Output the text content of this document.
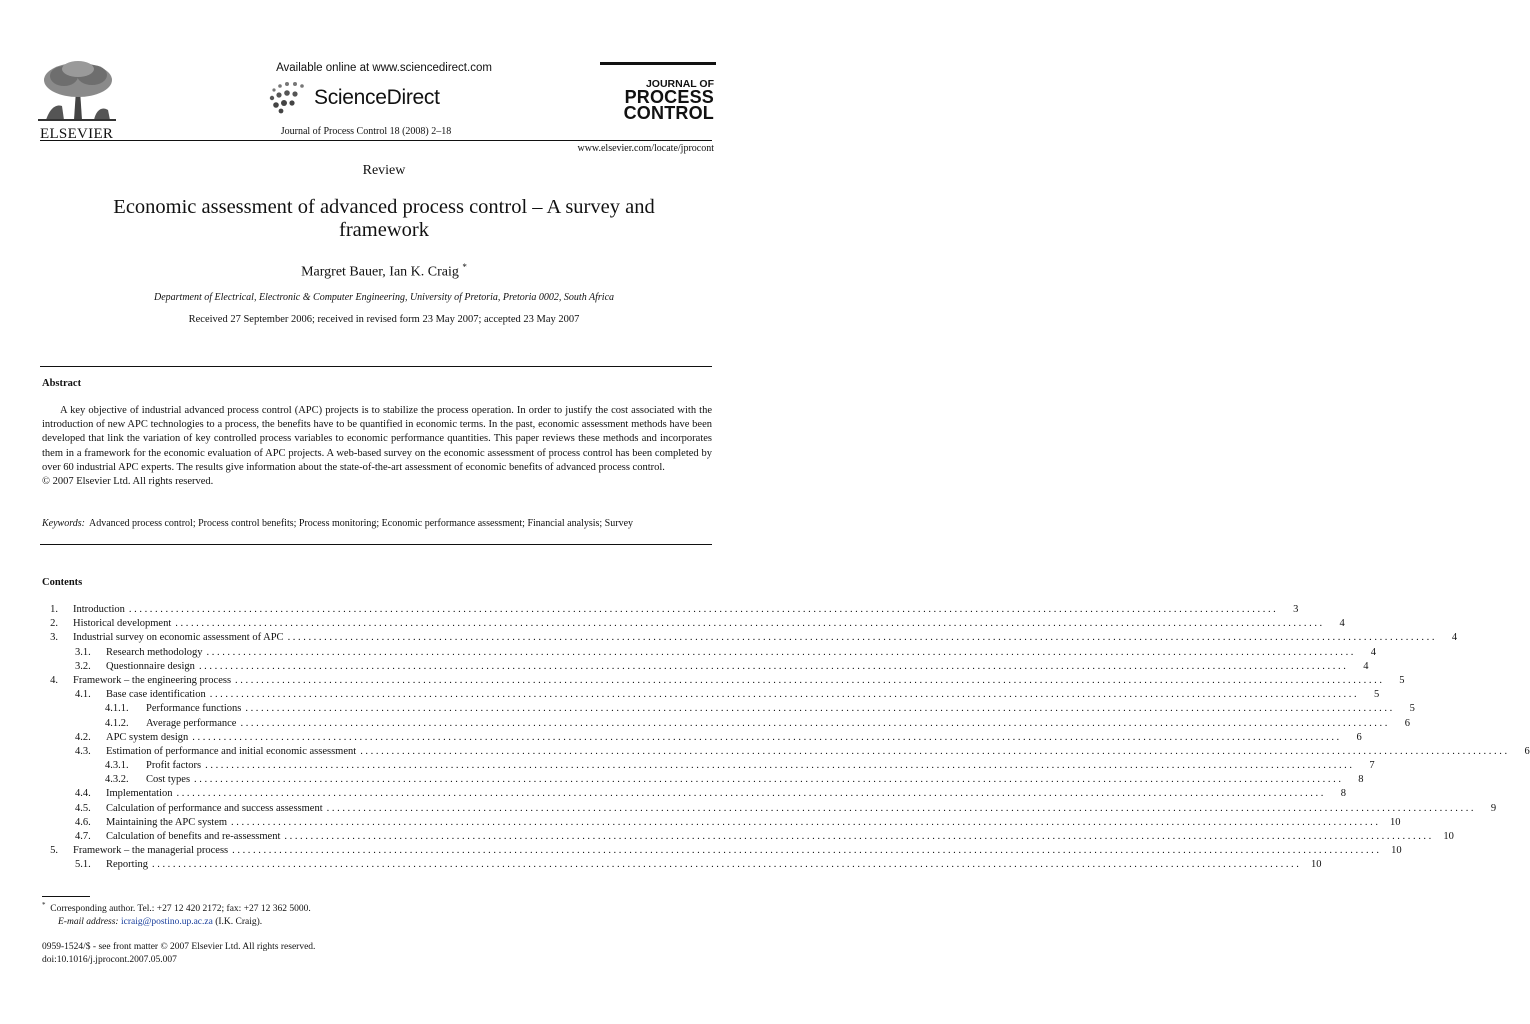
ELSEVIER
Available online at www.sciencedirect.com
ScienceDirect
Journal of Process Control 18 (2008) 2–18
JOURNAL OF
PROCESS
CONTROL
www.elsevier.com/locate/jprocont
Review
Economic assessment of advanced process control – A survey and framework
Margret Bauer, Ian K. Craig *
Department of Electrical, Electronic & Computer Engineering, University of Pretoria, Pretoria 0002, South Africa
Received 27 September 2006; received in revised form 23 May 2007; accepted 23 May 2007
Abstract

A key objective of industrial advanced process control (APC) projects is to stabilize the process operation. In order to justify the cost associated with the introduction of new APC technologies to a process, the benefits have to be quantified in economic terms. In the past, economic assessment methods have been developed that link the variation of key controlled process variables to economic performance quantities. This paper reviews these methods and incorporates them in a framework for the economic evaluation of APC projects. A web-based survey on the economic assessment of process control has been completed by over 60 industrial APC experts. The results give information about the state-of-the-art assessment of economic benefits of advanced process control.

© 2007 Elsevier Ltd. All rights reserved.
Keywords: Advanced process control; Process control benefits; Process monitoring; Economic performance assessment; Financial analysis; Survey
Contents
1. Introduction ............................................................................................................................................................................................................................	3
2. Historical development ............................................................................................................................................................................................................................	4
3. Industrial survey on economic assessment of APC ............................................................................................................................................................................................................................	4
3.1. Research methodology ............................................................................................................................................................................................................................	4
3.2. Questionnaire design ............................................................................................................................................................................................................................	4
4. Framework – the engineering process ............................................................................................................................................................................................................................	5
4.1. Base case identification ............................................................................................................................................................................................................................	5
4.1.1. Performance functions ............................................................................................................................................................................................................................	5
4.1.2. Average performance ............................................................................................................................................................................................................................	6
4.2. APC system design ............................................................................................................................................................................................................................	6
4.3. Estimation of performance and initial economic assessment ............................................................................................................................................................................................................................	6
4.3.1. Profit factors ............................................................................................................................................................................................................................	7
4.3.2. Cost types ............................................................................................................................................................................................................................	8
4.4. Implementation ............................................................................................................................................................................................................................	8
4.5. Calculation of performance and success assessment ............................................................................................................................................................................................................................	9
4.6. Maintaining the APC system ............................................................................................................................................................................................................................ 10
4.7. Calculation of benefits and re-assessment ............................................................................................................................................................................................................................ 10
5. Framework – the managerial process ............................................................................................................................................................................................................................ 10
5.1. Reporting ............................................................................................................................................................................................................................ 10
* Corresponding author. Tel.: +27 12 420 2172; fax: +27 12 362 5000.
E-mail address: icraig@postino.up.ac.za (I.K. Craig).
0959-1524/$ - see front matter © 2007 Elsevier Ltd. All rights reserved.
doi:10.1016/j.jprocont.2007.05.007
